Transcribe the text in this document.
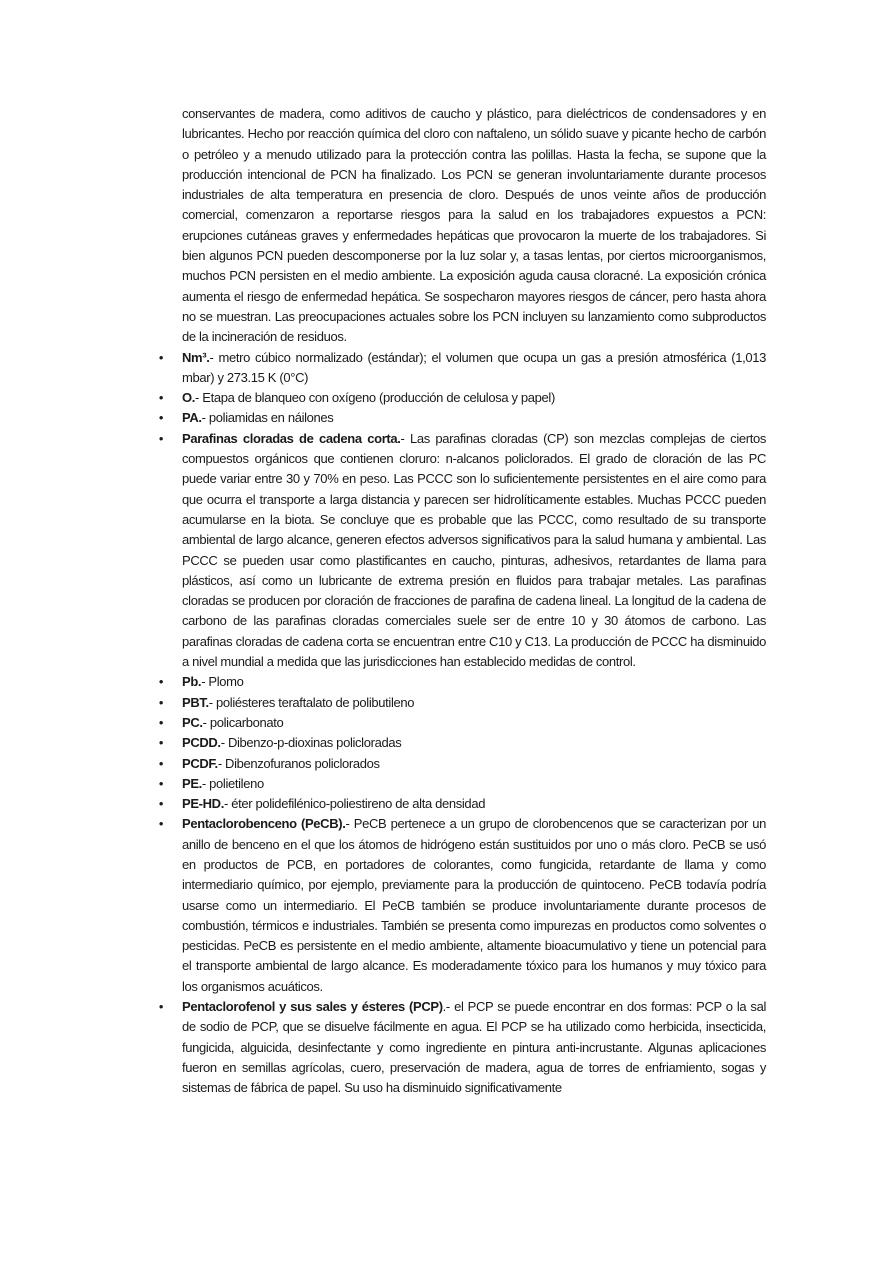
conservantes de madera, como aditivos de caucho y plástico, para dieléctricos de condensadores y en lubricantes. Hecho por reacción química del cloro con naftaleno, un sólido suave y picante hecho de carbón o petróleo y a menudo utilizado para la protección contra las polillas. Hasta la fecha, se supone que la producción intencional de PCN ha finalizado. Los PCN se generan involuntariamente durante procesos industriales de alta temperatura en presencia de cloro. Después de unos veinte años de producción comercial, comenzaron a reportarse riesgos para la salud en los trabajadores expuestos a PCN: erupciones cutáneas graves y enfermedades hepáticas que provocaron la muerte de los trabajadores. Si bien algunos PCN pueden descomponerse por la luz solar y, a tasas lentas, por ciertos microorganismos, muchos PCN persisten en el medio ambiente. La exposición aguda causa cloracné. La exposición crónica aumenta el riesgo de enfermedad hepática. Se sospecharon mayores riesgos de cáncer, pero hasta ahora no se muestran. Las preocupaciones actuales sobre los PCN incluyen su lanzamiento como subproductos de la incineración de residuos.

• Nm³.- metro cúbico normalizado (estándar); el volumen que ocupa un gas a presión atmosférica (1,013 mbar) y 273.15 K (0°C)
• O.- Etapa de blanqueo con oxígeno (producción de celulosa y papel)
• PA.- poliamidas en náilones
• Parafinas cloradas de cadena corta.- Las parafinas cloradas (CP) son mezclas complejas de ciertos compuestos orgánicos que contienen cloruro: n-alcanos policlorados. El grado de cloración de las PC puede variar entre 30 y 70% en peso. Las PCCC son lo suficientemente persistentes en el aire como para que ocurra el transporte a larga distancia y parecen ser hidrolíticamente estables. Muchas PCCC pueden acumularse en la biota. Se concluye que es probable que las PCCC, como resultado de su transporte ambiental de largo alcance, generen efectos adversos significativos para la salud humana y ambiental. Las PCCC se pueden usar como plastificantes en caucho, pinturas, adhesivos, retardantes de llama para plásticos, así como un lubricante de extrema presión en fluidos para trabajar metales. Las parafinas cloradas se producen por cloración de fracciones de parafina de cadena lineal. La longitud de la cadena de carbono de las parafinas cloradas comerciales suele ser de entre 10 y 30 átomos de carbono. Las parafinas cloradas de cadena corta se encuentran entre C10 y C13. La producción de PCCC ha disminuido a nivel mundial a medida que las jurisdicciones han establecido medidas de control.
• Pb.- Plomo
• PBT.- poliésteres teraftalato de polibutileno
• PC.- policarbonato
• PCDD.- Dibenzo-p-dioxinas policloradas
• PCDF.- Dibenzofuranos policlorados
• PE.- polietileno
• PE-HD.- éter polidefilénico-poliestireno de alta densidad
• Pentaclorobenceno (PeCB).- PeCB pertenece a un grupo de clorobencenos que se caracterizan por un anillo de benceno en el que los átomos de hidrógeno están sustituidos por uno o más cloro. PeCB se usó en productos de PCB, en portadores de colorantes, como fungicida, retardante de llama y como intermediario químico, por ejemplo, previamente para la producción de quintoceno. PeCB todavía podría usarse como un intermediario. El PeCB también se produce involuntariamente durante procesos de combustión, térmicos e industriales. También se presenta como impurezas en productos como solventes o pesticidas. PeCB es persistente en el medio ambiente, altamente bioacumulativo y tiene un potencial para el transporte ambiental de largo alcance. Es moderadamente tóxico para los humanos y muy tóxico para los organismos acuáticos.
• Pentaclorofenol y sus sales y ésteres (PCP).- el PCP se puede encontrar en dos formas: PCP o la sal de sodio de PCP, que se disuelve fácilmente en agua. El PCP se ha utilizado como herbicida, insecticida, fungicida, alguicida, desinfectante y como ingrediente en pintura anti-incrustante. Algunas aplicaciones fueron en semillas agrícolas, cuero, preservación de madera, agua de torres de enfriamiento, sogas y sistemas de fábrica de papel. Su uso ha disminuido significativamente
